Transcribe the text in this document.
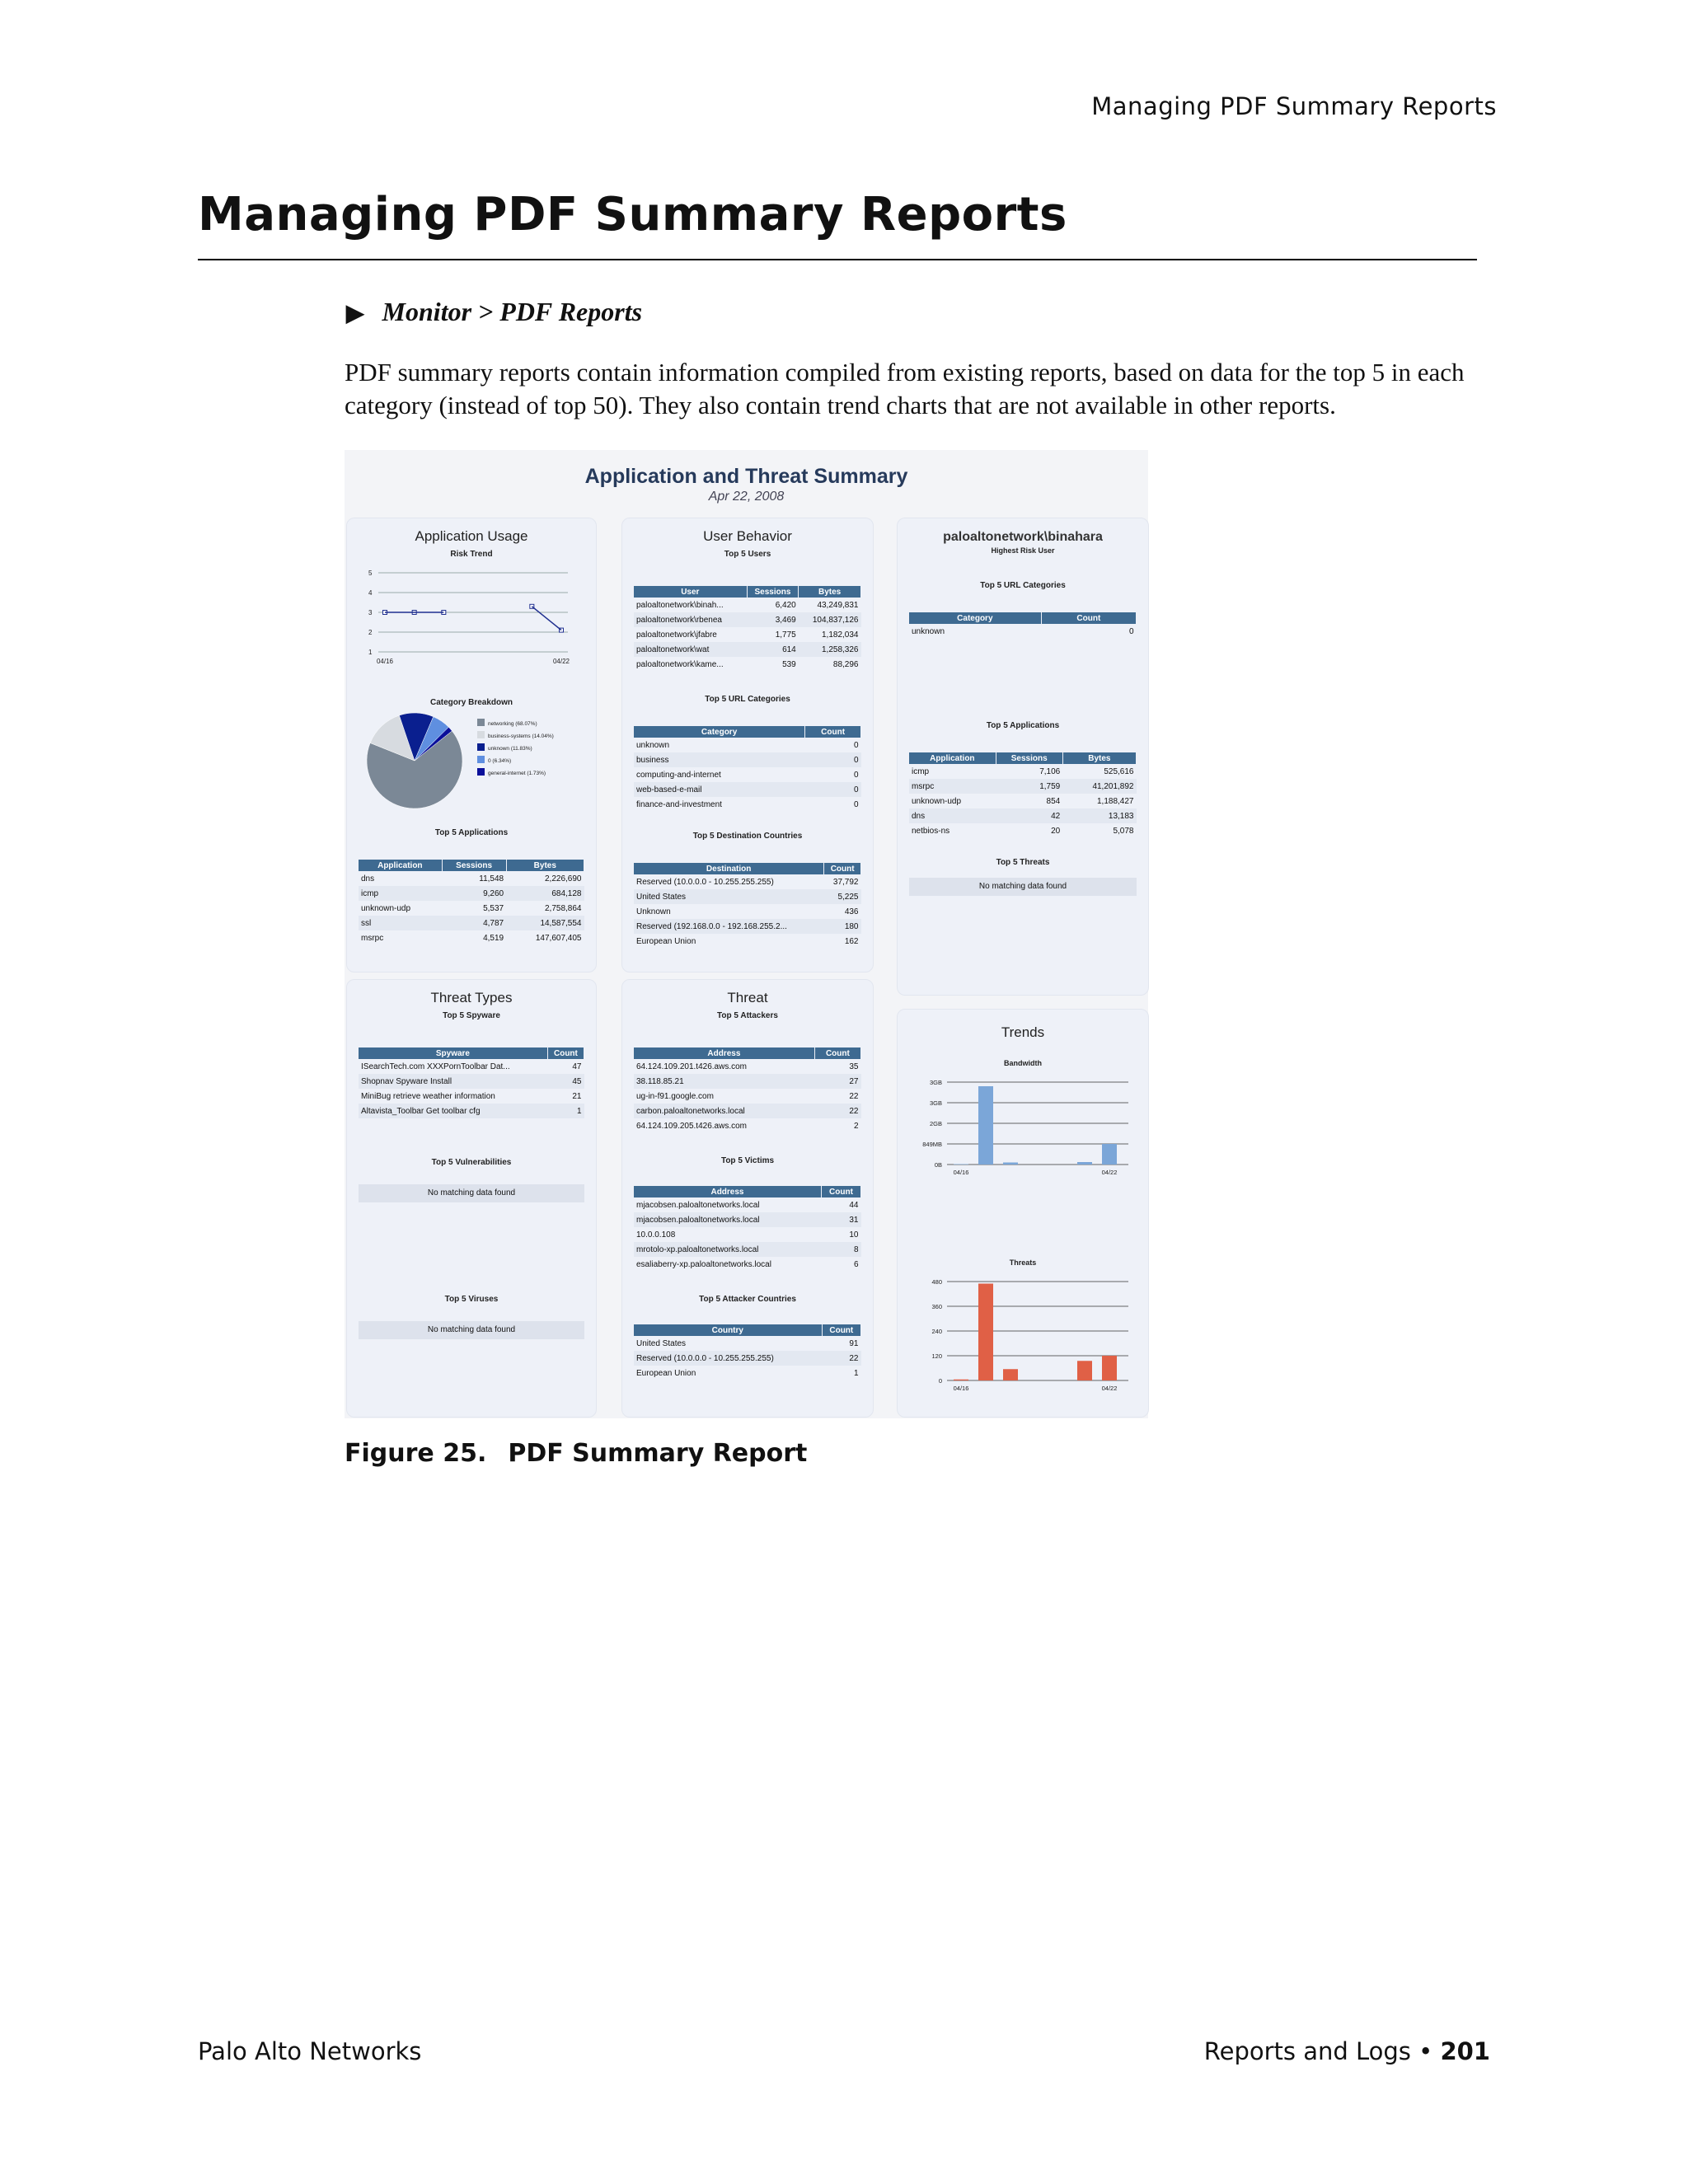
Managing PDF Summary Reports
Managing PDF Summary Reports
▶ Monitor > PDF Reports
PDF summary reports contain information compiled from existing reports, based on data for the top 5 in each category (instead of top 50). They also contain trend charts that are not available in other reports.
Application and Threat Summary
Apr 22, 2008
Application Usage
Risk Trend
5
4
3
2
1
04/16	04/22
Category Breakdown
networking (68.07%)
business-systems (14.04%)
unknown (11.83%)
0 (6.34%)
general-internet (1.73%)
Top 5 Applications
Application	Sessions	Bytes
dns	11,548	2,226,690
icmp	9,260	684,128
unknown-udp	5,537	2,758,864
ssl	4,787	14,587,554
msrpc	4,519	147,607,405
User Behavior
Top 5 Users
User	Sessions	Bytes
paloaltonetwork\binah...	6,420	43,249,831
paloaltonetwork\rbenea	3,469	104,837,126
paloaltonetwork\jfabre	1,775	1,182,034
paloaltonetwork\wat	614	1,258,326
paloaltonetwork\kame...	539	88,296
Top 5 URL Categories
Category	Count
unknown	0
business	0
computing-and-internet	0
web-based-e-mail	0
finance-and-investment	0
Top 5 Destination Countries
Destination	Count
Reserved (10.0.0.0 - 10.255.255.255)	37,792
United States	5,225
Unknown	436
Reserved (192.168.0.0 - 192.168.255.2...	180
European Union	162
paloaltonetwork\binahara
Highest Risk User
Top 5 URL Categories
Category	Count
unknown	0
Top 5 Applications
Application	Sessions	Bytes
icmp	7,106	525,616
msrpc	1,759	41,201,892
unknown-udp	854	1,188,427
dns	42	13,183
netbios-ns	20	5,078
Top 5 Threats
No matching data found
Threat Types
Top 5 Spyware
Spyware	Count
ISearchTech.com XXXPornToolbar Dat...	47
Shopnav Spyware Install	45
MiniBug retrieve weather information	21
Altavista_Toolbar Get toolbar cfg	1
Top 5 Vulnerabilities
No matching data found
Top 5 Viruses
No matching data found
Threat
Top 5 Attackers
Address	Count
64.124.109.201.t426.aws.com	35
38.118.85.21	27
ug-in-f91.google.com	22
carbon.paloaltonetworks.local	22
64.124.109.205.t426.aws.com	2
Top 5 Victims
Address	Count
mjacobsen.paloaltonetworks.local	44
mjacobsen.paloaltonetworks.local	31
10.0.0.108	10
mrotolo-xp.paloaltonetworks.local	8
esaliaberry-xp.paloaltonetworks.local	6
Top 5 Attacker Countries
Country	Count
United States	91
Reserved (10.0.0.0 - 10.255.255.255)	22
European Union	1
Trends
Bandwidth
3GB
3GB
2GB
849MB
0B
04/16	04/22
Threats
480
360
240
120
0
04/16	04/22
Figure 25. PDF Summary Report
Palo Alto Networks	Reports and Logs • 201
